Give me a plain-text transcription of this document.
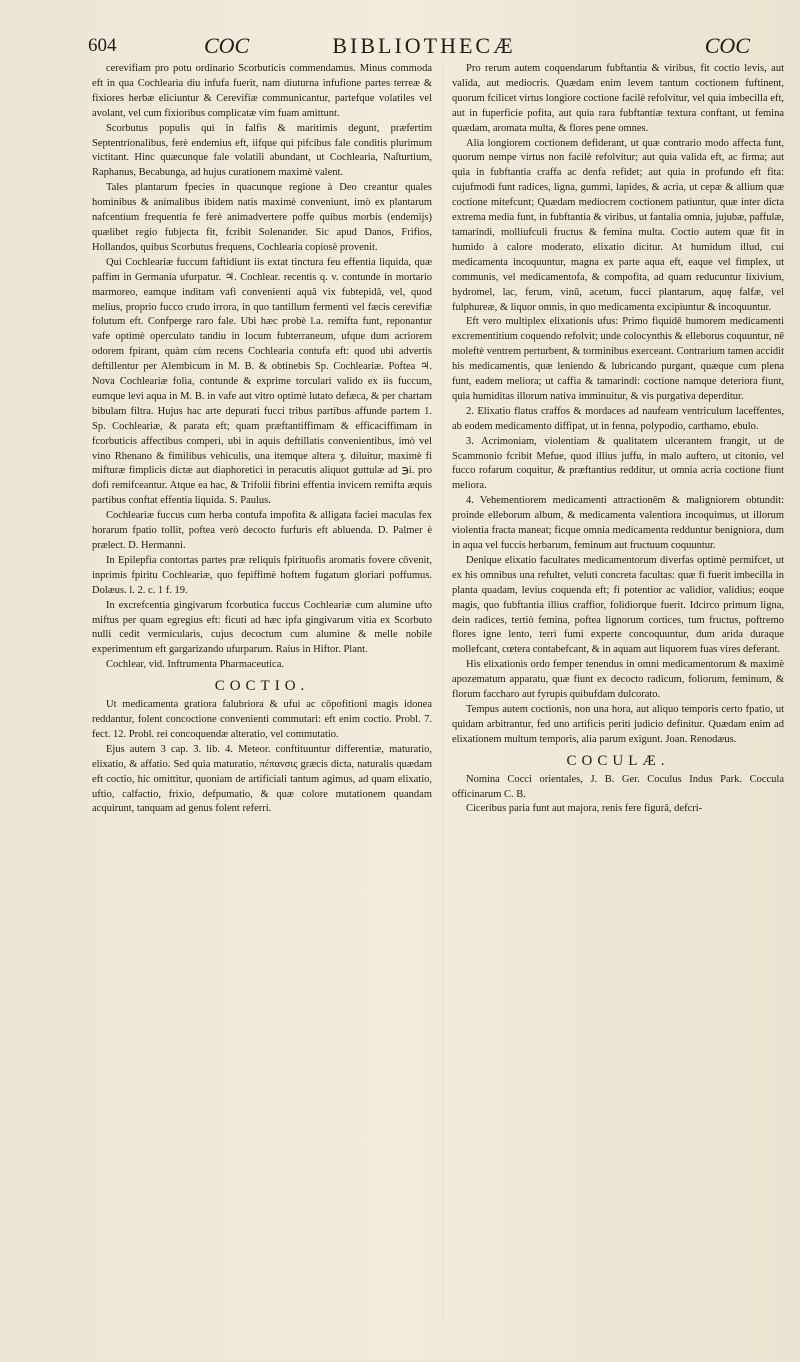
604	COC	BIBLIOTHECÆ	COC

cerevifiam pro potu ordinario Scorbuticis commendamus. Minus commoda eft in qua Cochlearia diu infufa fuerit, nam diuturna infufione partes terreæ & fixiores herbæ eliciuntur & Cerevifiæ communicantur, partefque volatiles vel avolant, vel cum fixioribus complicatæ vim fuam amittunt.

Scorbutus populis qui in falfis & maritimis degunt, præfertim Septentrionalibus, ferè endemius eft, iifque qui pifcibus fale conditis plurimum victitant. Hinc quæcunque fale volatili abundant, ut Cochlearia, Naſturtium, Raphanus, Becabunga, ad hujus curationem maximè valent.

Tales plantarum fpecies in quacunque regione à Deo creantur quales hominibus & animalibus ibidem natis maximè conveniunt, imò ex plantarum nafcentium frequentia fe ferè animadvertere poffe quibus morbis (endemijs) quælibet regio fubjecta fit, fcribit Solenander. Sic apud Danos, Frifios, Hollandos, quibus Scorbutus frequens, Cochlearia copiosè provenit.

Qui Cochleariæ fuccum faftidiunt iis extat tinctura feu effentia liquida, quæ paffim in Germania ufurpatur. ♃. Cochlear. recentis q. v. contunde in mortario marmoreo, eamque inditam vafi convenienti aquâ vix fubtepidâ, vel, quod melius, proprio fucco crudo irrora, in quo tantillum fermenti vel fæcis cerevifiæ folutum eft. Confperge raro fale. Ubi hæc probè l.a. remifta funt, reponantur vafe optimè operculato tandiu in locum fubterraneum, ufque dum acriorem odorem fpirant, quàm cùm recens Cochlearia contufa eft: quod ubi advertis deftillentur per Alembicum in M. B. & obtinebis Sp. Cochleariæ. Poftea ♃. Nova Cochleariæ folia, contunde & exprime torculari valido ex iis fuccum, eumque levi aqua in M. B. in vafe aut vitro optimè lutato defæca, & per chartam bibulam filtra. Hujus hac arte depurati fucci tribus partibus affunde partem 1. Sp. Cochleariæ, & parata eft; quam præftantiffimam & efficaciffimam in fcorbuticis affectibus comperi, ubi in aquis deftillatis convenientibus, imò vel vino Rhenano & fimilibus vehiculis, una itemque altera ʒ. diluitur, maximè fi mifturæ fimplicis dictæ aut diaphoretici in peracutis aliquot guttulæ ad ℈i. pro dofi remifceantur. Atque ea hac, & Trifolii fibrini effentia invicem remifta æquis partibus conftat effentia liquida. S. Paulus.

Cochleariæ fuccus cum herba contufa impofita & alligata faciei maculas fex horarum fpatio tollit, poftea verò decocto furfuris eft abluenda. D. Palmer è prælect. D. Hermanni.

In Epilepfia contortas partes præ reliquis fpirituofis aromatis fovere cōvenit, inprimis fpiritu Cochleariæ, quo fepiffimè hoftem fugatum gloriari poffumus. Dolæus. l. 2. c. 1 f. 19.

In excrefcentia gingivarum fcorbutica fuccus Cochleariæ cum alumine ufto miftus per quam egregius eft: ficuti ad hæc ipfa gingivarum vitia ex Scorbuto nulli cedit vermicularis, cujus decoctum cum alumine & melle nobile experimentum eft gargarizando ufurparum. Raius in Hiftor. Plant.

Cochlear, vid. Inftrumenta Pharmaceutica.

COCTIO.

Ut medicamenta gratiora falubriora & ufui ac cōpofitioni magis idonea reddantur, folent concoctione convenienti commutari: eft enim coctio. Probl. 7. fect. 12. Probl. rei concoquendæ alteratio, vel commutatio.

Ejus autem 3 cap. 3. lib. 4. Meteor. conftituuntur differentiæ, maturatio, elixatio, & affatio. Sed quia maturatio, πέπανσις græcis dicta, naturalis quædam eft coctio, hic omittitur, quoniam de artificiali tantum agimus, ad quam elixatio, uftio, calfactio, frixio, defpumatio, & quæ colore mutationem quandam acquirunt, tanquam ad genus folent referri.

Pro rerum autem coquendarum fubftantia & viribus, fit coctio levis, aut valida, aut mediocris. Quædam enim levem tantum coctionem fuftinent, quorum fcilicet virtus longiore coctione facilè refolvitur, vel quia imbecilla eft, aut in fuperficie pofita, aut quia rara fubftantiæ textura conftant, ut femina quædam, aromata multa, & flores pene omnes.

Alia longiorem coctionem defiderant, ut quæ contrario modo affecta funt, quorum nempe virtus non facilè refolvitur; aut quia valida eft, ac firma; aut quia in fubftantia craffa ac denfa refidet; aut quia in profundo eft fita: cujufmodi funt radices, ligna, gummi, lapides, & acria, ut cepæ & allium quæ coctione mitefcunt; Quædam mediocrem coctionem patiuntur, quæ inter dicta extrema media funt, in fubftantia & viribus, ut fantalia omnia, jujubæ, paffulæ, tamarindi, molliufculi fructus & femina multa. Coctio autem quæ fit in humido à calore moderato, elixatio dicitur. At humidum illud, cui medicamenta incoquuntur, magna ex parte aqua eft, eaque vel fimplex, ut communis, vel medicamentofa, & compofita, ad quam reducuntur lixivium, hydromel, lac, ferum, vinū, acetum, fucci plantarum, aquę falfæ, vel fulphureæ, & liquor omnis, in quo medicamenta excipiuntur & incoquuntur.

Eft vero multiplex elixationis ufus: Primo fiquidē humorem medicamenti excrementitium coquendo refolvit; unde colocynthis & elleborus coquuntur, nē moleftè ventrem perturbent, & torminibus exerceant. Contrarium tamen accidit his medicamentis, quæ leniendo & lubricando purgant, quæque cum plena funt, eadem meliora; ut caffia & tamarindi: coctione namque deteriora fiunt, quia humiditas illorum nativa imminuitur, & vis purgativa deperditur.

2. Elixatio flatus craffos & mordaces ad naufeam ventriculum laceffentes, ab eodem medicamento diffipat, ut in fenna, polypodio, carthamo, ebulo.

3. Acrimoniam, violentiam & qualitatem ulcerantem frangit, ut de Scammonio fcribit Mefue, quod illius juffu, in malo auftero, ut citonio, vel fucco rofarum coquitur, & præftantius redditur, ut omnia acria coctione fiunt meliora.

4. Vehementiorem medicamenti attractionēm & maligniorem obtundit: proinde elleborum album, & medicamenta valentiora incoquimus, ut illorum violentia fracta maneat; ficque omnia medicamenta redduntur benigniora, dum in aqua vel fuccis herbarum, feminum aut fructuum coquuntur.

Denique elixatio facultates medicamentorum diverfas optimè permifcet, ut ex his omnibus una refultet, veluti concreta facultas: quæ fi fuerit imbecilla in planta quadam, levius coquenda eft; fi potentior ac validior, validius; eoque magis, quo fubftantia illius craffior, folidiorque fuerit. Idcirco primum ligna, dein radices, tertiò femina, poftea lignorum cortices, tum fructus, poftremo flores igne lento, terri fumi experte concoquuntur, dum arida duraque mollefcant, cœtera contabefcant, & in aquam aut liquorem fuas vires deferant.

His elixationis ordo femper tenendus in omni medicamentorum & maximè apozematum apparatu, quæ fiunt ex decocto radicum, foliorum, feminum, & florum faccharo aut fyrupis quibufdam dulcorato.

Tempus autem coctionis, non una hora, aut aliquo temporis certo fpatio, ut quidam arbitrantur, fed uno artificis periti judicio definitur. Quædam enim ad elixationem multum temporis, alia parum exigunt. Joan. Renodæus.

COCULÆ.

Nomina Cocci orientales, J. B. Ger. Coculus Indus Park. Coccula officinarum C. B.

Ciceribus paria funt aut majora, renis fere figurâ, defcri-
